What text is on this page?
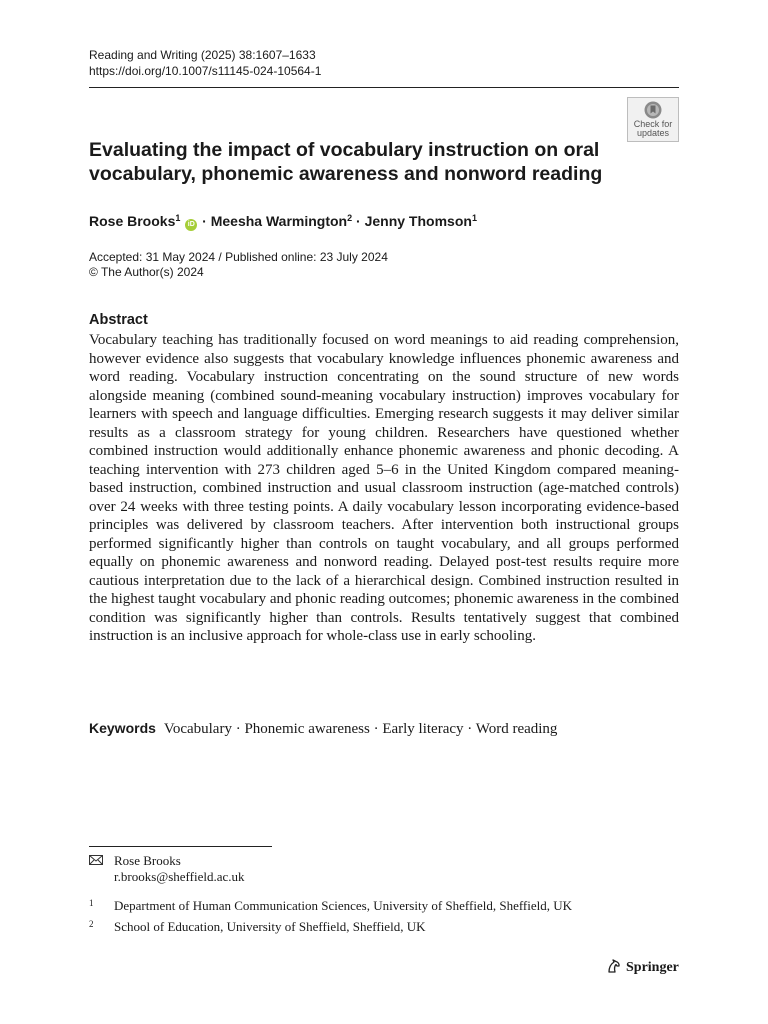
Reading and Writing (2025) 38:1607–1633
https://doi.org/10.1007/s11145-024-10564-1
Check for
updates
Evaluating the impact of vocabulary instruction on oral vocabulary, phonemic awareness and nonword reading
Rose Brooks$^1$ iD · Meesha Warmington$^2$ · Jenny Thomson$^1$
Accepted: 31 May 2024 / Published online: 23 July 2024
© The Author(s) 2024
Abstract

Vocabulary teaching has traditionally focused on word meanings to aid reading comprehension, however evidence also suggests that vocabulary knowledge influences phonemic awareness and word reading. Vocabulary instruction concentrating on the sound structure of new words alongside meaning (combined sound-meaning vocabulary instruction) improves vocabulary for learners with speech and language difficulties. Emerging research suggests it may deliver similar results as a classroom strategy for young children. Researchers have questioned whether combined instruction would additionally enhance phonemic awareness and phonic decoding. A teaching intervention with 273 children aged 5–6 in the United Kingdom compared meaning-based instruction, combined instruction and usual classroom instruction (age-matched controls) over 24 weeks with three testing points. A daily vocabulary lesson incorporating evidence-based principles was delivered by classroom teachers. After intervention both instructional groups performed significantly higher than controls on taught vocabulary, and all groups performed equally on phonemic awareness and nonword reading. Delayed post-test results require more cautious interpretation due to the lack of a hierarchical design. Combined instruction resulted in the highest taught vocabulary and phonic reading outcomes; phonemic awareness in the combined condition was significantly higher than controls. Results tentatively suggest that combined instruction is an inclusive approach for whole-class use in early schooling.

Keywords Vocabulary · Phonemic awareness · Early literacy · Word reading
Rose Brooks
r.brooks@sheffield.ac.uk
1 Department of Human Communication Sciences, University of Sheffield, Sheffield, UK
2 School of Education, University of Sheffield, Sheffield, UK
Springer
